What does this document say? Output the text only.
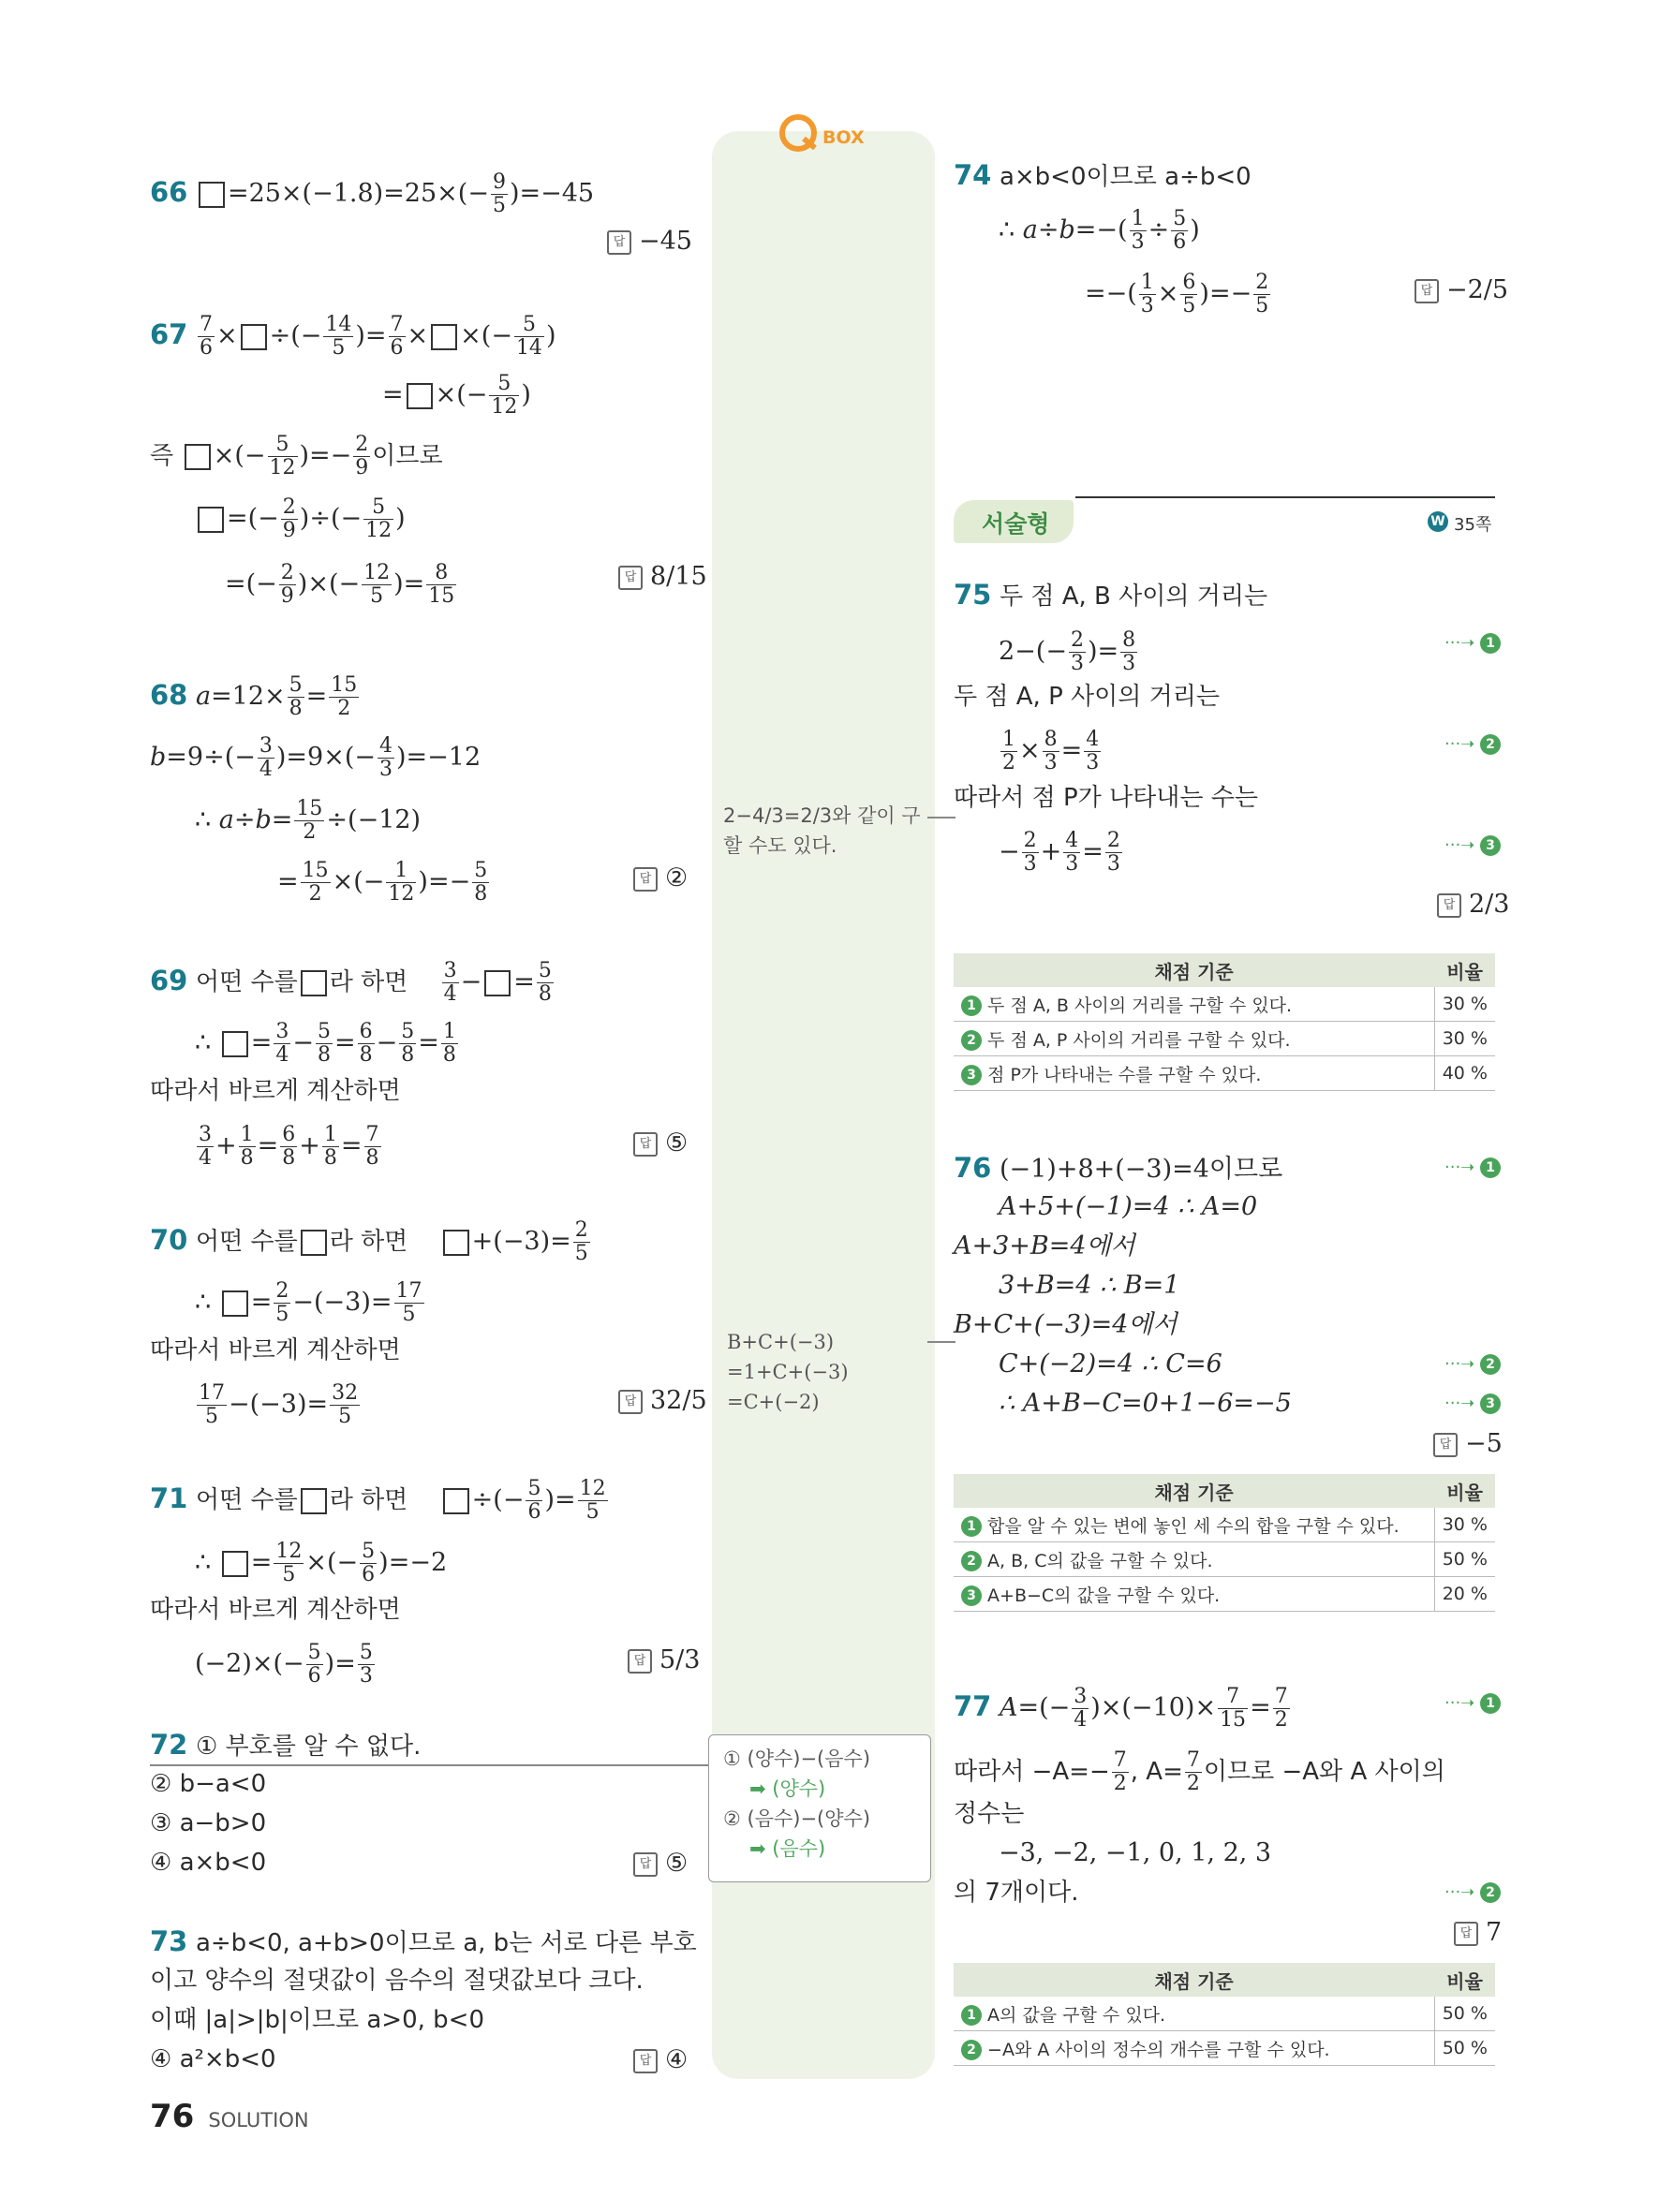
BOX
$66 =25\times(-1.8)=25\times(- \frac{9}{5} )=-45$
답 −45
$67 \frac{7}{6}$ × ÷(− $\frac{14}{5}$ )= $\frac{7}{6}$ × ×(− $\frac{5}{14}$ )
= ×(− $\frac{5}{12}$ )
즉 ×(− $\frac{5}{12}$ )=− $\frac{2}{9}$ 이므로
=(− $\frac{2}{9}$ )÷(− $\frac{5}{12}$ )
=(− $\frac{2}{9}$ )×(− $\frac{12}{5}$ )= $\frac{8}{15}$	답 8/15
68 $a=12\times \frac{5}{8} = \frac{15}{2}$
$b=9\div(- \frac{3}{4} )=9\times(- \frac{4}{3} )=-12$
∴ $a\div b= \frac{15}{2} \div(-12)$
= $\frac{15}{2}$ ×(− $\frac{1}{12}$ )=− $\frac{5}{8}$	답 ②
69 어떤 수를 라 하면 $\frac{3}{4}$ − = $\frac{5}{8}$
∴ = $\frac{3}{4} - \frac{5}{8} = \frac{6}{8} - \frac{5}{8} = \frac{1}{8}$
따라서 바르게 계산하면
$\frac{3}{4} + \frac{1}{8} = \frac{6}{8} + \frac{1}{8} = \frac{7}{8}$	답 ⑤
70 어떤 수를 라 하면	$+(-3)= \frac{2}{5}$
∴ = $\frac{2}{5} -(-3)= \frac{17}{5}$
따라서 바르게 계산하면
$\frac{17}{5} -(-3)= \frac{32}{5}$	답 32/5
71 어떤 수를 라 하면	÷(− $\frac{5}{6}$ )= $\frac{12}{5}$
∴ = $\frac{12}{5}$ ×(− $\frac{5}{6} )=-2$
따라서 바르게 계산하면
$(-2)\times(- \frac{5}{6}$ )= $\frac{5}{3}$	답 5/3
72 ① 부호를 알 수 없다.
② b−a<0
③ a−b>0
④ a×b<0	답 ⑤
73 a÷b<0, a+b>0이므로 a, b는 서로 다른 부호
이고 양수의 절댓값이 음수의 절댓값보다 크다.
이때 |a|>|b|이므로 a>0, b<0
④ a²×b<0	답 ④
76 SOLUTION
2−4/3=2/3와 같이 구
할 수도 있다.
B+C+(−3)
=1+C+(−3)
=C+(−2)
① (양수)−(음수)
➡ (양수)
② (음수)−(양수)
➡ (음수)
74 a×b<0이므로 a÷b<0
∴ $a\div b=-( \frac{1}{3} \div \frac{5}{6}$ )
=−( $\frac{1}{3} \times \frac{6}{5}$ )=− $\frac{2}{5}$	답 −2/5
서술형	W 35쪽
75 두 점 A, B 사이의 거리는
$2-(- \frac{2}{3}$ )= $\frac{8}{3}$	···➝ 1
두 점 A, P 사이의 거리는
$\frac{1}{2} \times \frac{8}{3} = \frac{4}{3}$	···➝ 2
따라서 점 P가 나타내는 수는
− $\frac{2}{3} + \frac{4}{3} = \frac{2}{3}$	···➝ 3
답 2/3
채점 기준	비율
1 두 점 A, B 사이의 거리를 구할 수 있다.	30 %
2 두 점 A, P 사이의 거리를 구할 수 있다.	30 %
3 점 P가 나타내는 수를 구할 수 있다.	40 %
76 (−1)+8+(−3)=4이므로	···➝ 1
A+5+(−1)=4 ∴ A=0
A+3+B=4에서
3+B=4 ∴ B=1
B+C+(−3)=4에서
C+(−2)=4 ∴ C=6	···➝ 2
∴ A+B−C=0+1−6=−5	···➝ 3
답 −5
채점 기준	비율
1 합을 알 수 있는 변에 놓인 세 수의 합을 구할 수 있다.	30 %
2 A, B, C의 값을 구할 수 있다.	50 %
3 A+B−C의 값을 구할 수 있다.	20 %
77 $A=(- \frac{3}{4} )\times(-10)\times \frac{7}{15} = \frac{7}{2}$	···➝ 1
따라서 $-A=- \frac{7}{2}$ , $A= \frac{7}{2}$ 이므로 −A와 A 사이의
정수는
−3, −2, −1, 0, 1, 2, 3
의 7개이다.	···➝ 2
답 7
채점 기준	비율
1 A의 값을 구할 수 있다.	50 %
2 −A와 A 사이의 정수의 개수를 구할 수 있다.	50 %
